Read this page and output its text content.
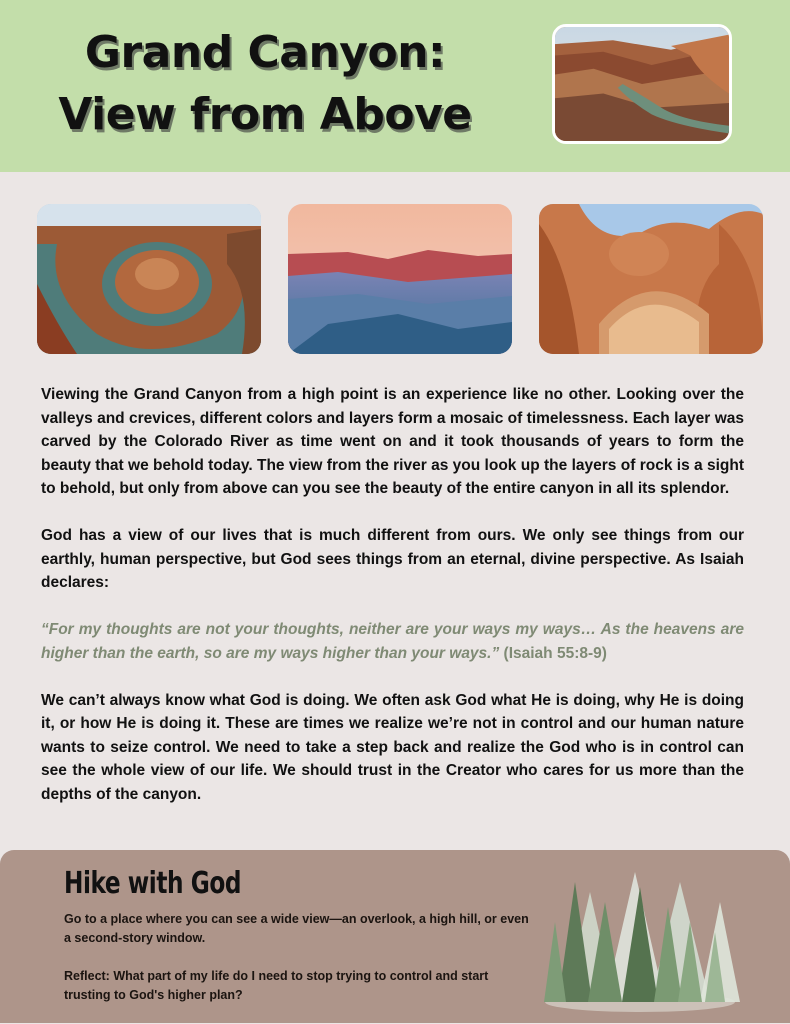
Grand Canyon:
View from Above

Viewing the Grand Canyon from a high point is an experience like no other. Looking over the valleys and crevices, different colors and layers form a mosaic of timelessness. Each layer was carved by the Colorado River as time went on and it took thousands of years to form the beauty that we behold today. The view from the river as you look up the layers of rock is a sight to behold, but only from above can you see the beauty of the entire canyon in all its splendor.

God has a view of our lives that is much different from ours. We only see things from our earthly, human perspective, but God sees things from an eternal, divine perspective. As Isaiah declares:

“For my thoughts are not your thoughts, neither are your ways my ways… As the heavens are higher than the earth, so are my ways higher than your ways.” (Isaiah 55:8-9)

We can’t always know what God is doing. We often ask God what He is doing, why He is doing it, or how He is doing it. These are times we realize we’re not in control and our human nature wants to seize control. We need to take a step back and realize the God who is in control can see the whole view of our life. We should trust in the Creator who cares for us more than the depths of the canyon.

Hike with God

Go to a place where you can see a wide view—an overlook, a high hill, or even a second-story window.

Reflect: What part of my life do I need to stop trying to control and start trusting to God's higher plan?
